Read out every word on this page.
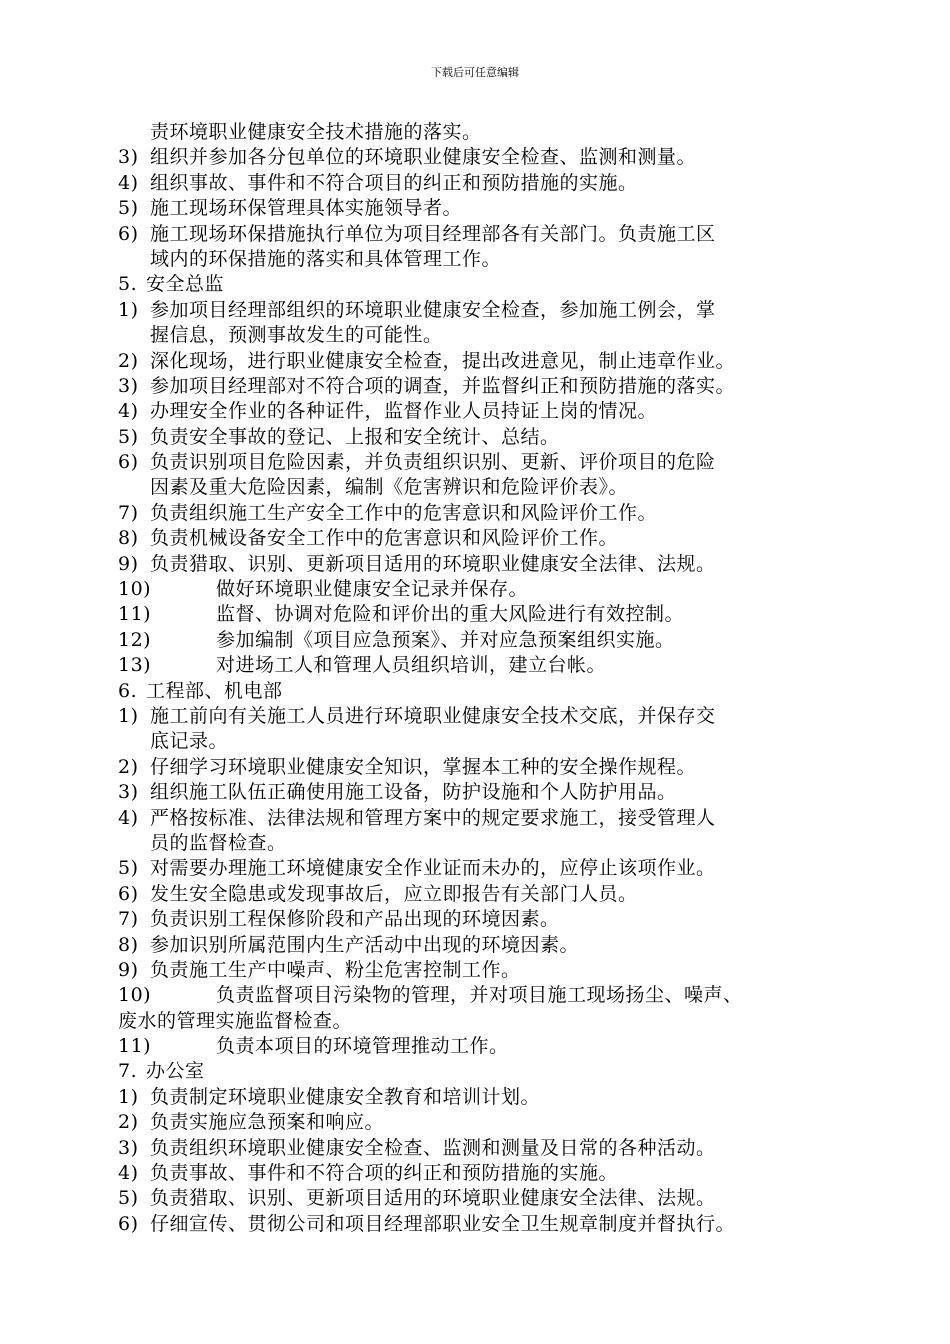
下载后可任意编辑
责环境职业健康安全技术措施的落实。
3) 组织并参加各分包单位的环境职业健康安全检查、监测和测量。
4) 组织事故、事件和不符合项目的纠正和预防措施的实施。
5) 施工现场环保管理具体实施领导者。
6) 施工现场环保措施执行单位为项目经理部各有关部门。负责施工区
域内的环保措施的落实和具体管理工作。
5. 安全总监
1) 参加项目经理部组织的环境职业健康安全检查，参加施工例会，掌
握信息，预测事故发生的可能性。
2) 深化现场，进行职业健康安全检查，提出改进意见，制止违章作业。
3) 参加项目经理部对不符合项的调查，并监督纠正和预防措施的落实。
4) 办理安全作业的各种证件，监督作业人员持证上岗的情况。
5) 负责安全事故的登记、上报和安全统计、总结。
6) 负责识别项目危险因素，并负责组织识别、更新、评价项目的危险
因素及重大危险因素，编制《危害辨识和危险评价表》。
7) 负责组织施工生产安全工作中的危害意识和风险评价工作。
8) 负责机械设备安全工作中的危害意识和风险评价工作。
9) 负责猎取、识别、更新项目适用的环境职业健康安全法律、法规。
10)	做好环境职业健康安全记录并保存。
11)	监督、协调对危险和评价出的重大风险进行有效控制。
12)	参加编制《项目应急预案》、并对应急预案组织实施。
13)	对进场工人和管理人员组织培训，建立台帐。
6. 工程部、机电部
1) 施工前向有关施工人员进行环境职业健康安全技术交底，并保存交
底记录。
2) 仔细学习环境职业健康安全知识，掌握本工种的安全操作规程。
3) 组织施工队伍正确使用施工设备，防护设施和个人防护用品。
4) 严格按标准、法律法规和管理方案中的规定要求施工，接受管理人
员的监督检查。
5) 对需要办理施工环境健康安全作业证而未办的，应停止该项作业。
6) 发生安全隐患或发现事故后，应立即报告有关部门人员。
7) 负责识别工程保修阶段和产品出现的环境因素。
8) 参加识别所属范围内生产活动中出现的环境因素。
9) 负责施工生产中噪声、粉尘危害控制工作。
10)	负责监督项目污染物的管理，并对项目施工现场扬尘、噪声、
废水的管理实施监督检查。
11)	负责本项目的环境管理推动工作。
7. 办公室
1) 负责制定环境职业健康安全教育和培训计划。
2) 负责实施应急预案和响应。
3) 负责组织环境职业健康安全检查、监测和测量及日常的各种活动。
4) 负责事故、事件和不符合项的纠正和预防措施的实施。
5) 负责猎取、识别、更新项目适用的环境职业健康安全法律、法规。
6) 仔细宣传、贯彻公司和项目经理部职业安全卫生规章制度并督执行。
